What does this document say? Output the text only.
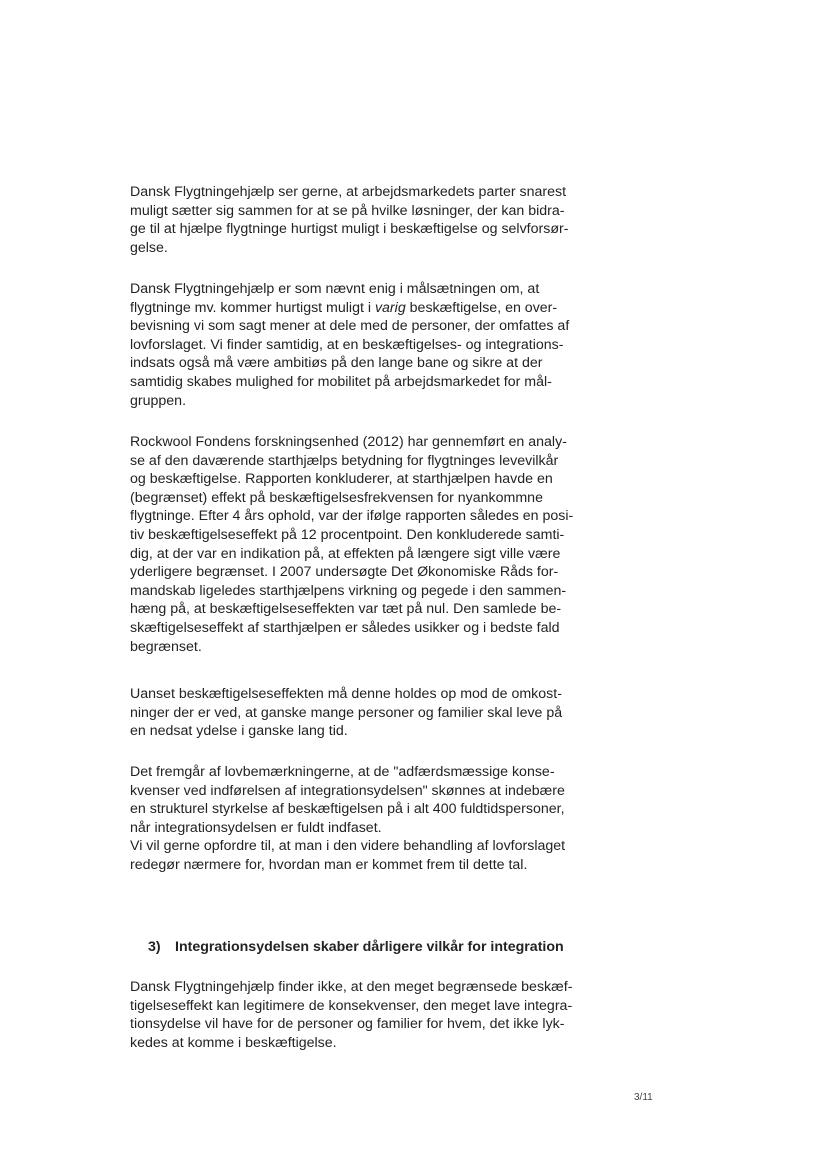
Dansk Flygtningehjælp ser gerne, at arbejdsmarkedets parter snarest
muligt sætter sig sammen for at se på hvilke løsninger, der kan bidra-
ge til at hjælpe flygtninge hurtigst muligt i beskæftigelse og selvforsør-
gelse.

Dansk Flygtningehjælp er som nævnt enig i målsætningen om, at
flygtninge mv. kommer hurtigst muligt i varig beskæftigelse, en over-
bevisning vi som sagt mener at dele med de personer, der omfattes af
lovforslaget. Vi finder samtidig, at en beskæftigelses- og integrations-
indsats også må være ambitiøs på den lange bane og sikre at der
samtidig skabes mulighed for mobilitet på arbejdsmarkedet for mål-
gruppen.

Rockwool Fondens forskningsenhed (2012) har gennemført en analy-
se af den daværende starthjælps betydning for flygtninges levevilkår
og beskæftigelse. Rapporten konkluderer, at starthjælpen havde en
(begrænset) effekt på beskæftigelsesfrekvensen for nyankommne
flygtninge. Efter 4 års ophold, var der ifølge rapporten således en posi-
tiv beskæftigelseseffekt på 12 procentpoint. Den konkluderede samti-
dig, at der var en indikation på, at effekten på længere sigt ville være
yderligere begrænset. I 2007 undersøgte Det Økonomiske Råds for-
mandskab ligeledes starthjælpens virkning og pegede i den sammen-
hæng på, at beskæftigelseseffekten var tæt på nul. Den samlede be-
skæftigelseseffekt af starthjælpen er således usikker og i bedste fald
begrænset.

Uanset beskæftigelseseffekten må denne holdes op mod de omkost-
ninger der er ved, at ganske mange personer og familier skal leve på
en nedsat ydelse i ganske lang tid.

Det fremgår af lovbemærkningerne, at de "adfærdsmæssige konse-
kvenser ved indførelsen af integrationsydelsen" skønnes at indebære
en strukturel styrkelse af beskæftigelsen på i alt 400 fuldtidspersoner,
når integrationsydelsen er fuldt indfaset.
Vi vil gerne opfordre til, at man i den videre behandling af lovforslaget
redegør nærmere for, hvordan man er kommet frem til dette tal.

3) Integrationsydelsen skaber dårligere vilkår for integration

Dansk Flygtningehjælp finder ikke, at den meget begrænsede beskæf-
tigelseseffekt kan legitimere de konsekvenser, den meget lave integra-
tionsydelse vil have for de personer og familier for hvem, det ikke lyk-
kedes at komme i beskæftigelse.

3/11
